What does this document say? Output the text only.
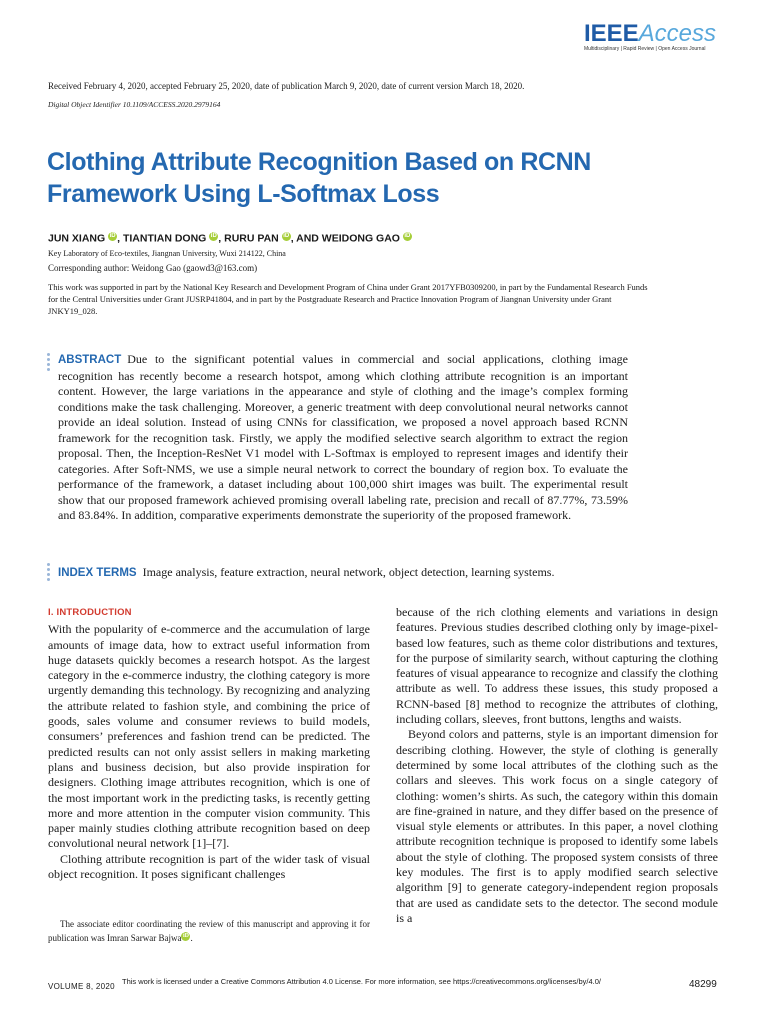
IEEEAccess
Multidisciplinary | Rapid Review | Open Access Journal
Received February 4, 2020, accepted February 25, 2020, date of publication March 9, 2020, date of current version March 18, 2020.
Digital Object Identifier 10.1109/ACCESS.2020.2979164
Clothing Attribute Recognition Based on RCNN
Framework Using L-Softmax Loss
JUN XIANG iD , TIANTIAN DONG iD , RURU PAN iD , AND WEIDONG GAO iD
Key Laboratory of Eco-textiles, Jiangnan University, Wuxi 214122, China
Corresponding author: Weidong Gao (gaowd3@163.com)
This work was supported in part by the National Key Research and Development Program of China under Grant 2017YFB0309200, in part by the Fundamental Research Funds for the Central Universities under Grant JUSRP41804, and in part by the Postgraduate Research and Practice Innovation Program of Jiangnan University under Grant JNKY19_028.
ABSTRACT Due to the significant potential values in commercial and social applications, clothing image recognition has recently become a research hotspot, among which clothing attribute recognition is an important content. However, the large variations in the appearance and style of clothing and the image’s complex forming conditions make the task challenging. Moreover, a generic treatment with deep convolutional neural networks cannot provide an ideal solution. Instead of using CNNs for classification, we proposed a novel approach based RCNN framework for the recognition task. Firstly, we apply the modified selective search algorithm to extract the region proposal. Then, the Inception-ResNet V1 model with L-Softmax is employed to represent images and identify their categories. After Soft-NMS, we use a simple neural network to correct the boundary of region box. To evaluate the performance of the framework, a dataset including about 100,000 shirt images was built. The experimental result show that our proposed framework achieved promising overall labeling rate, precision and recall of 87.77%, 73.59% and 83.84%. In addition, comparative experiments demonstrate the superiority of the proposed framework.
INDEX TERMS Image analysis, feature extraction, neural network, object detection, learning systems.
I. INTRODUCTION

With the popularity of e-commerce and the accumulation of large amounts of image data, how to extract useful information from huge datasets quickly becomes a research hotspot. As the largest category in the e-commerce industry, the clothing category is more urgently demanding this technology. By recognizing and analyzing the attribute related to fashion style, and combining the price of goods, sales volume and consumer reviews to build models, consumers’ preferences and fashion trend can be predicted. The predicted results can not only assist sellers in making marketing plans and business decision, but also provide inspiration for designers. Clothing image attributes recognition, which is one of the most important work in the predicting tasks, is recently getting more and more attention in the computer vision community. This paper mainly studies clothing attribute recognition based on deep convolutional neural network [1]–[7].

Clothing attribute recognition is part of the wider task of visual object recognition. It poses significant challenges

The associate editor coordinating the review of this manuscript and approving it for publication was Imran Sarwar Bajwa iD .

because of the rich clothing elements and variations in design features. Previous studies described clothing only by image-pixel-based low features, such as theme color distributions and textures, for the purpose of similarity search, without capturing the clothing features of visual appearance to recognize and classify the clothing attribute as well. To address these issues, this study proposed a RCNN-based [8] method to recognize the attributes of clothing, including collars, sleeves, front buttons, lengths and waists.

Beyond colors and patterns, style is an important dimension for describing clothing. However, the style of clothing is generally determined by some local attributes of the clothing such as the collars and sleeves. This work focus on a single category of clothing: women’s shirts. As such, the category within this domain are fine-grained in nature, and they differ based on the presence of visual style elements or attributes. In this paper, a novel clothing attribute recognition technique is proposed to identify some labels about the style of clothing. The proposed system consists of three key modules. The first is to apply modified search selective algorithm [9] to generate category-independent region proposals that are used as candidate sets to the detector. The second module is a

VOLUME 8, 2020
This work is licensed under a Creative Commons Attribution 4.0 License. For more information, see https://creativecommons.org/licenses/by/4.0/	48299
